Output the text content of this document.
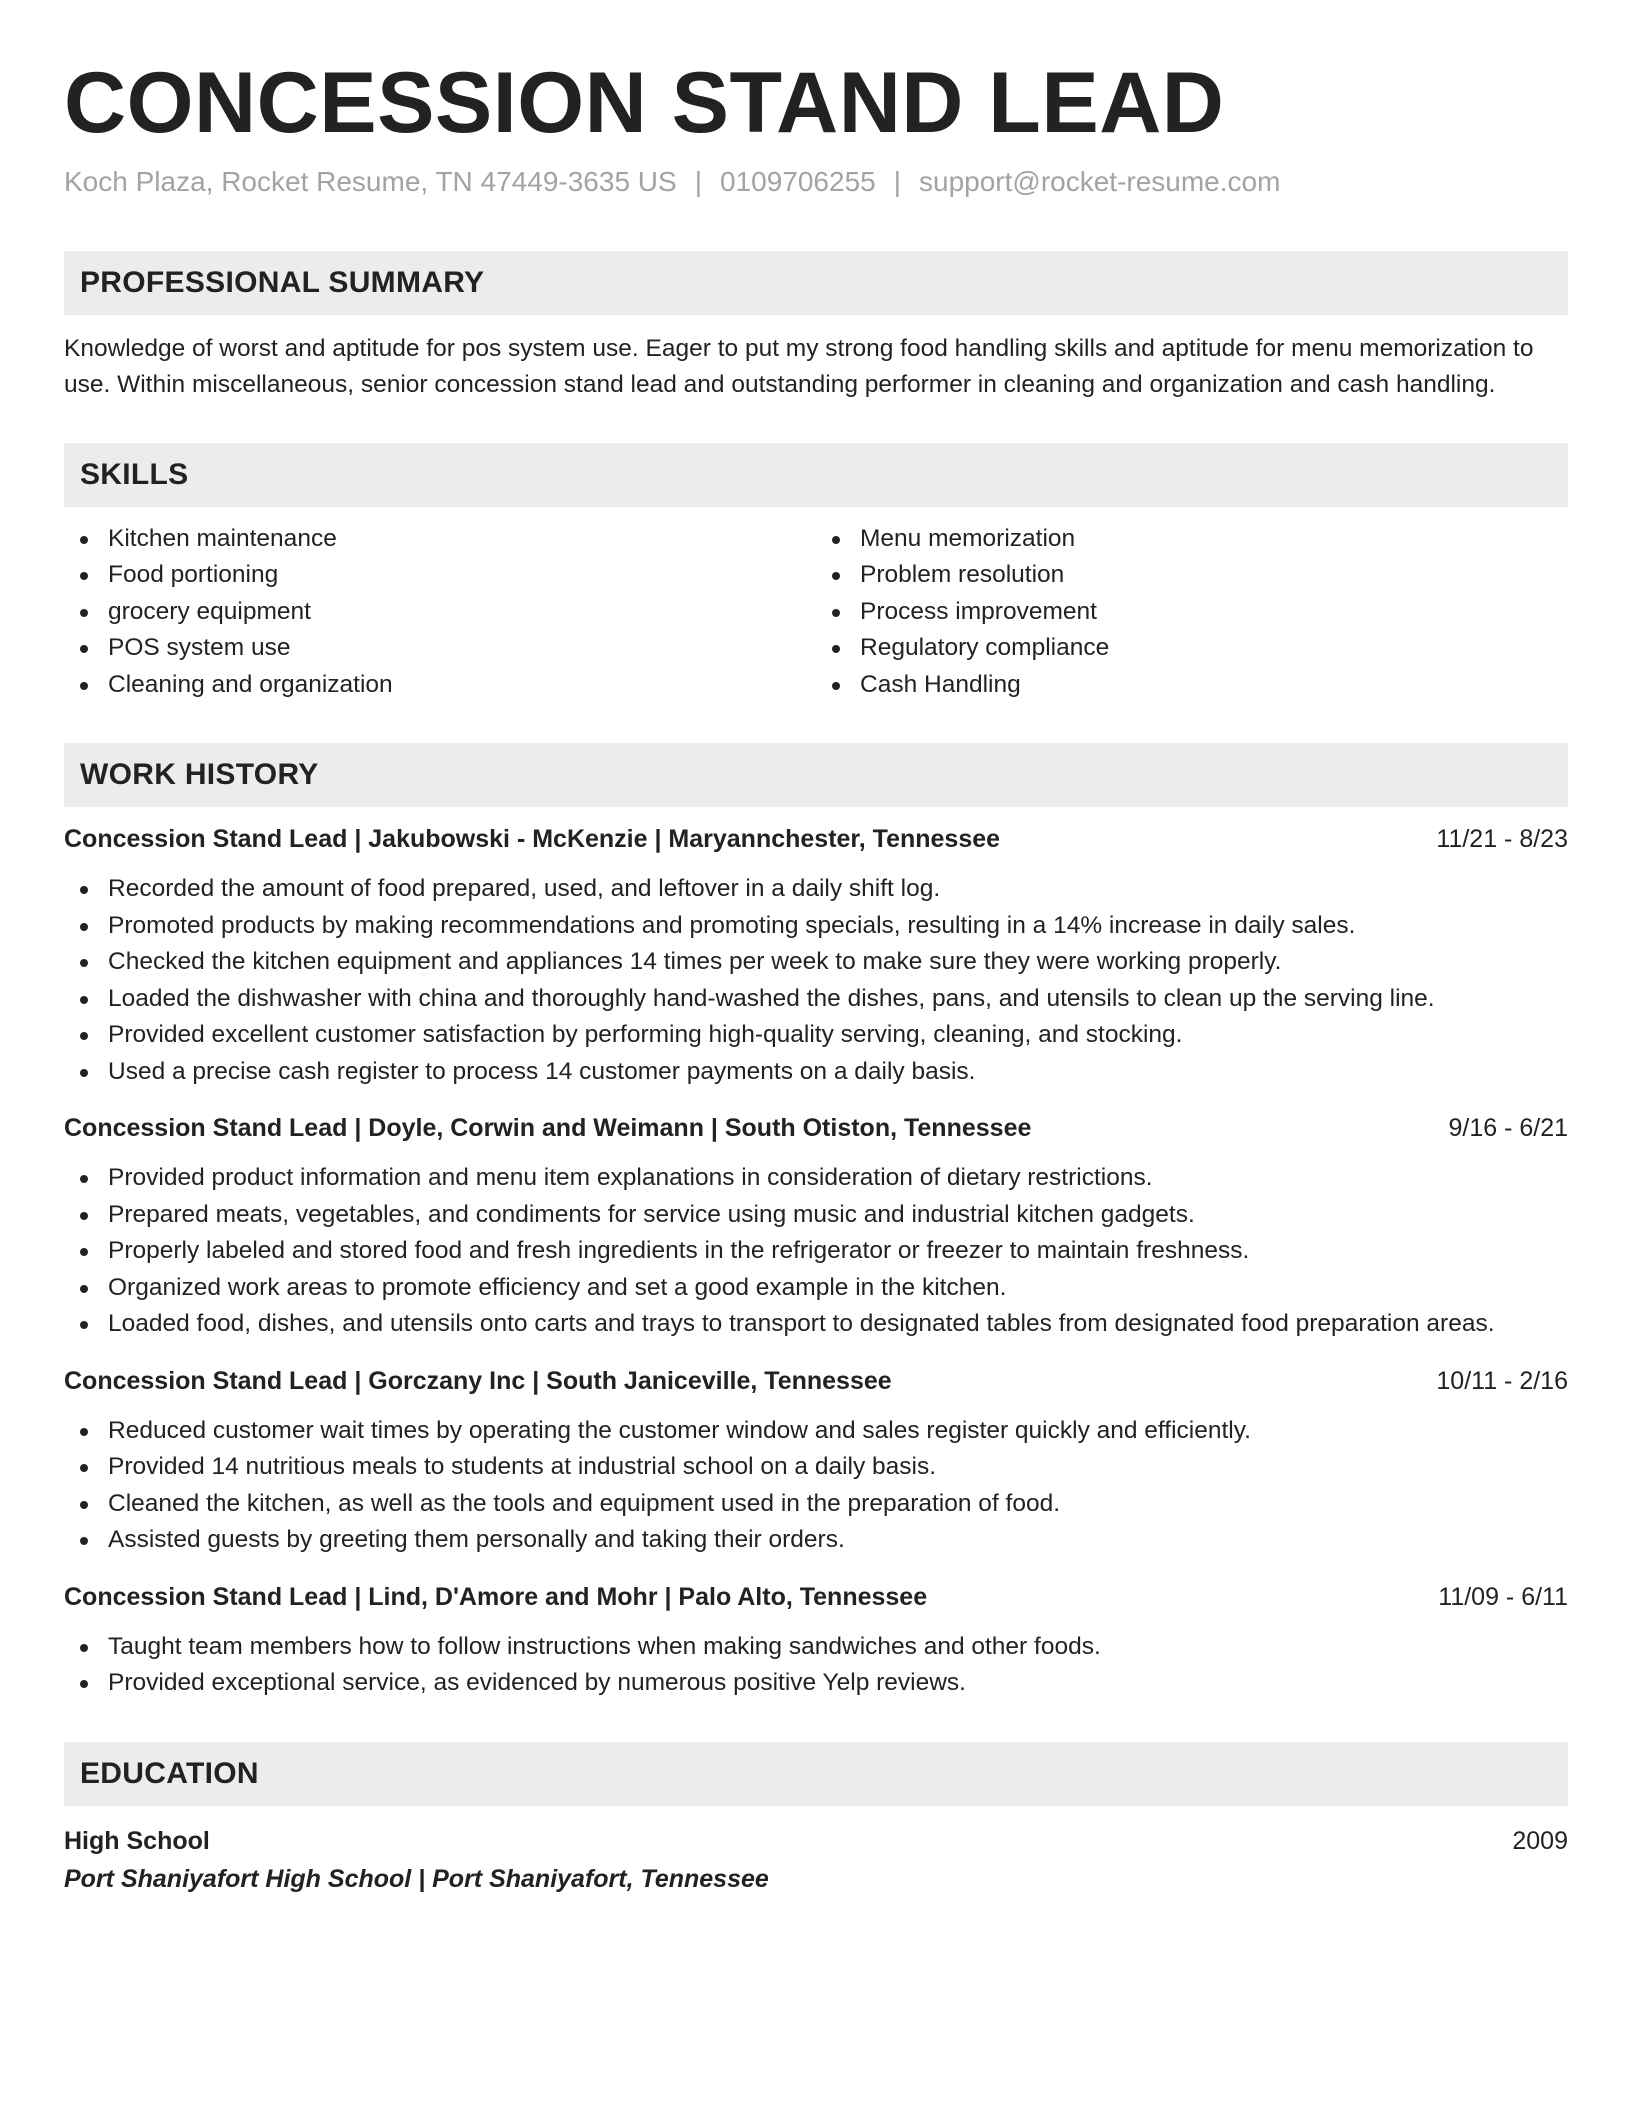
CONCESSION STAND LEAD
Koch Plaza, Rocket Resume, TN 47449-3635 US | 0109706255 | support@rocket-resume.com
PROFESSIONAL SUMMARY

Knowledge of worst and aptitude for pos system use. Eager to put my strong food handling skills and aptitude for menu memorization to use. Within miscellaneous, senior concession stand lead and outstanding performer in cleaning and organization and cash handling.

SKILLS
Kitchen maintenance
Food portioning
grocery equipment
POS system use
Cleaning and organization
Menu memorization
Problem resolution
Process improvement
Regulatory compliance
Cash Handling
WORK HISTORY
Concession Stand Lead | Jakubowski - McKenzie | Maryannchester, Tennessee	11/21 - 8/23
Recorded the amount of food prepared, used, and leftover in a daily shift log.
Promoted products by making recommendations and promoting specials, resulting in a 14% increase in daily sales.
Checked the kitchen equipment and appliances 14 times per week to make sure they were working properly.
Loaded the dishwasher with china and thoroughly hand-washed the dishes, pans, and utensils to clean up the serving line.
Provided excellent customer satisfaction by performing high-quality serving, cleaning, and stocking.
Used a precise cash register to process 14 customer payments on a daily basis.
Concession Stand Lead | Doyle, Corwin and Weimann | South Otiston, Tennessee	9/16 - 6/21
Provided product information and menu item explanations in consideration of dietary restrictions.
Prepared meats, vegetables, and condiments for service using music and industrial kitchen gadgets.
Properly labeled and stored food and fresh ingredients in the refrigerator or freezer to maintain freshness.
Organized work areas to promote efficiency and set a good example in the kitchen.
Loaded food, dishes, and utensils onto carts and trays to transport to designated tables from designated food preparation areas.
Concession Stand Lead | Gorczany Inc | South Janiceville, Tennessee	10/11 - 2/16
Reduced customer wait times by operating the customer window and sales register quickly and efficiently.
Provided 14 nutritious meals to students at industrial school on a daily basis.
Cleaned the kitchen, as well as the tools and equipment used in the preparation of food.
Assisted guests by greeting them personally and taking their orders.
Concession Stand Lead | Lind, D'Amore and Mohr | Palo Alto, Tennessee	11/09 - 6/11
Taught team members how to follow instructions when making sandwiches and other foods.
Provided exceptional service, as evidenced by numerous positive Yelp reviews.
EDUCATION
High School	2009
Port Shaniyafort High School | Port Shaniyafort, Tennessee
